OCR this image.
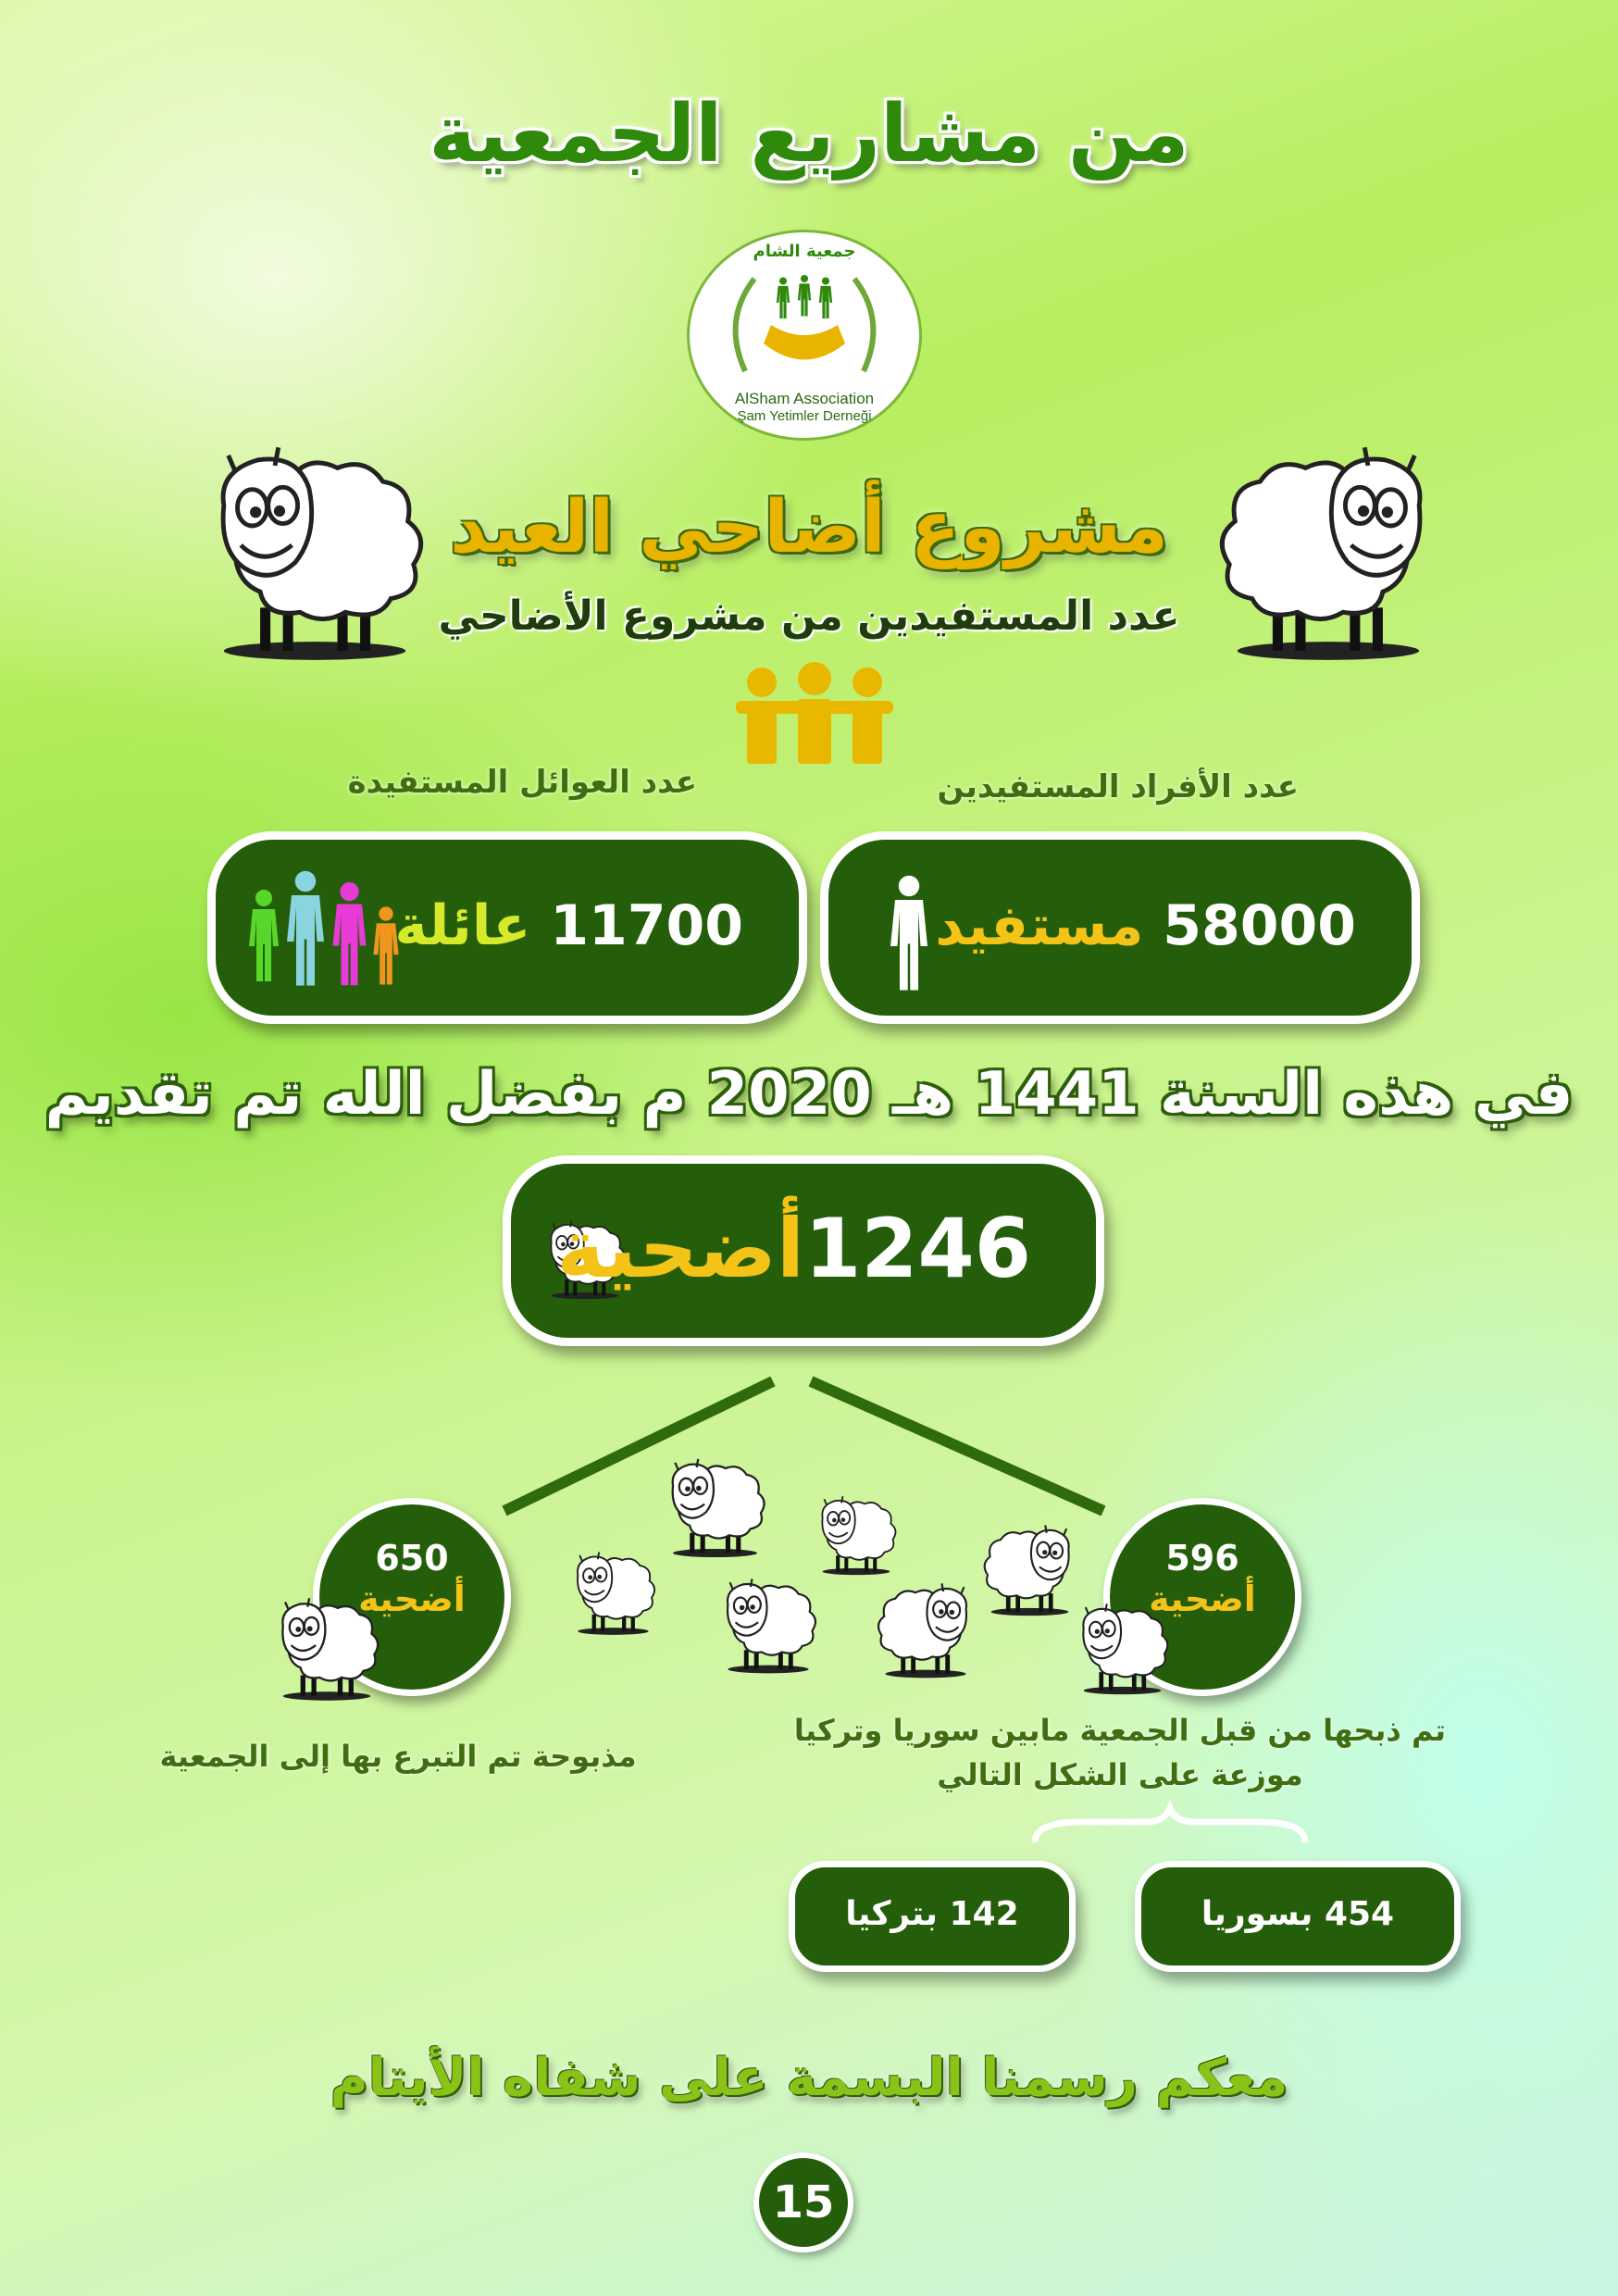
من مشاريع الجمعية
جمعية الشام
AlSham Association
Şam Yetimler Derneği
مشروع أضاحي العيد
عدد المستفيدين من مشروع الأضاحي
عدد الأفراد المستفيدين
عدد العوائل المستفيدة
11700 عائلة	58000 مستفيد
في هذه السنة 1441 هـ 2020 م بفضل الله تم تقديم
1246أضحية
650
أضحية
596
أضحية
مذبوحة تم التبرع بها إلى الجمعية
تم ذبحها من قبل الجمعية مابين سوريا وتركيا
موزعة على الشكل التالي
142 بتركيا	454 بسوريا
معكم رسمنا البسمة على شفاه الأيتام
15
